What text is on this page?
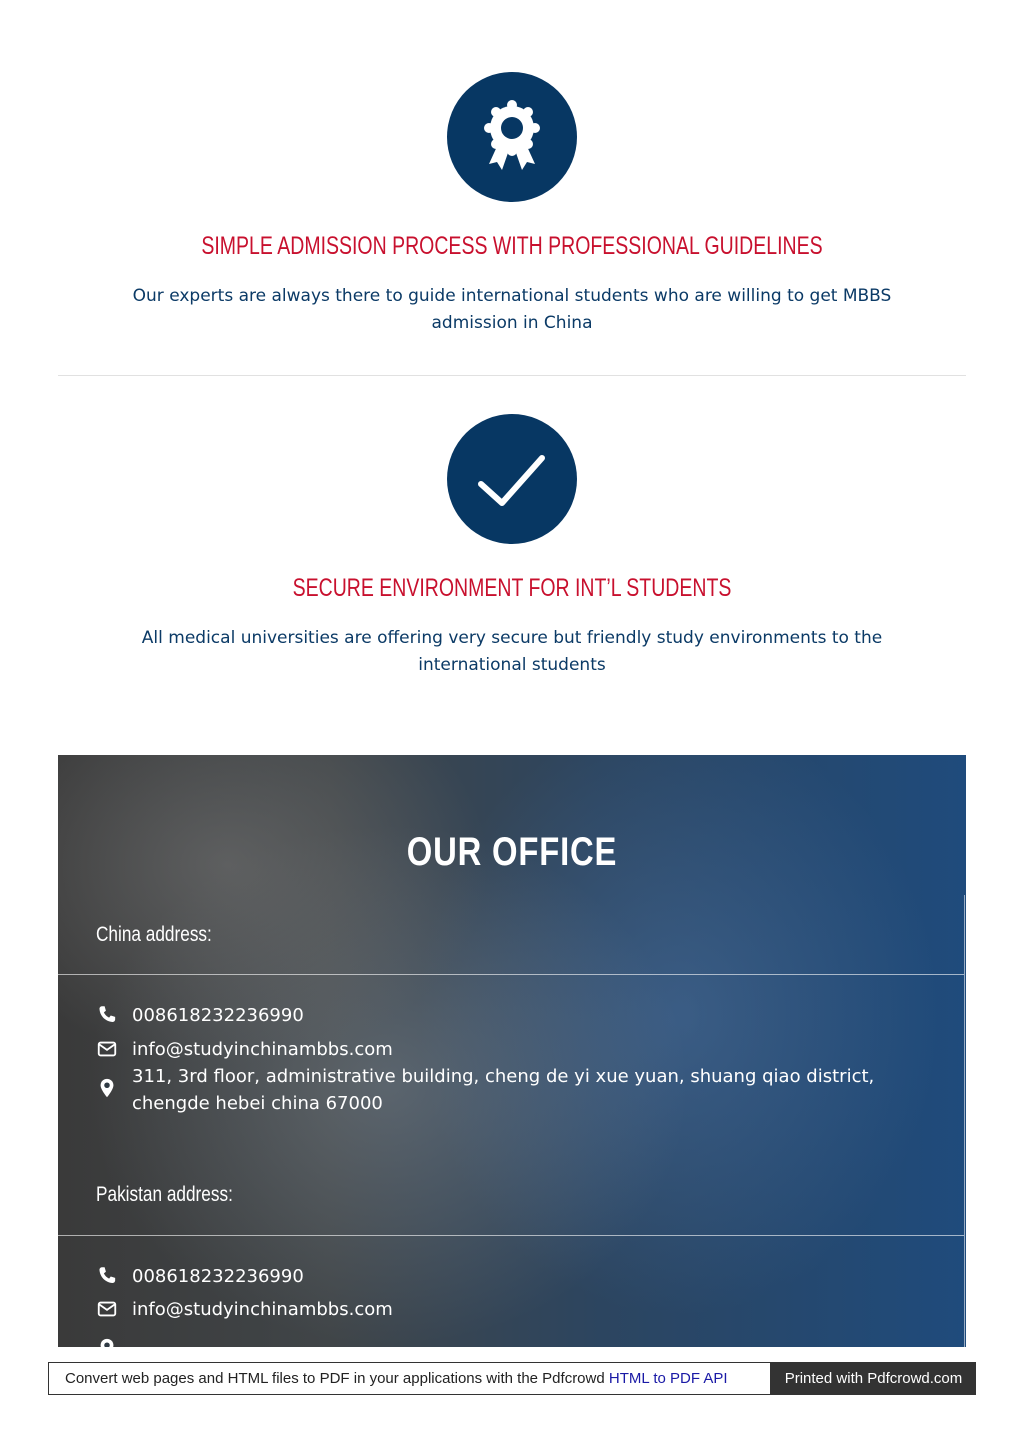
SIMPLE ADMISSION PROCESS WITH PROFESSIONAL GUIDELINES
Our experts are always there to guide international students who are willing to get MBBS admission in China
SECURE ENVIRONMENT FOR INT’L STUDENTS
All medical universities are offering very secure but friendly study environments to the international students
OUR OFFICE
China address:
008618232236990
info@studyinchinambbs.com
311, 3rd floor, administrative building, cheng de yi xue yuan, shuang qiao district, chengde hebei china 67000
Pakistan address:
008618232236990
info@studyinchinambbs.com
Convert web pages and HTML files to PDF in your applications with the Pdfcrowd HTML to PDF API	Printed with Pdfcrowd.com
